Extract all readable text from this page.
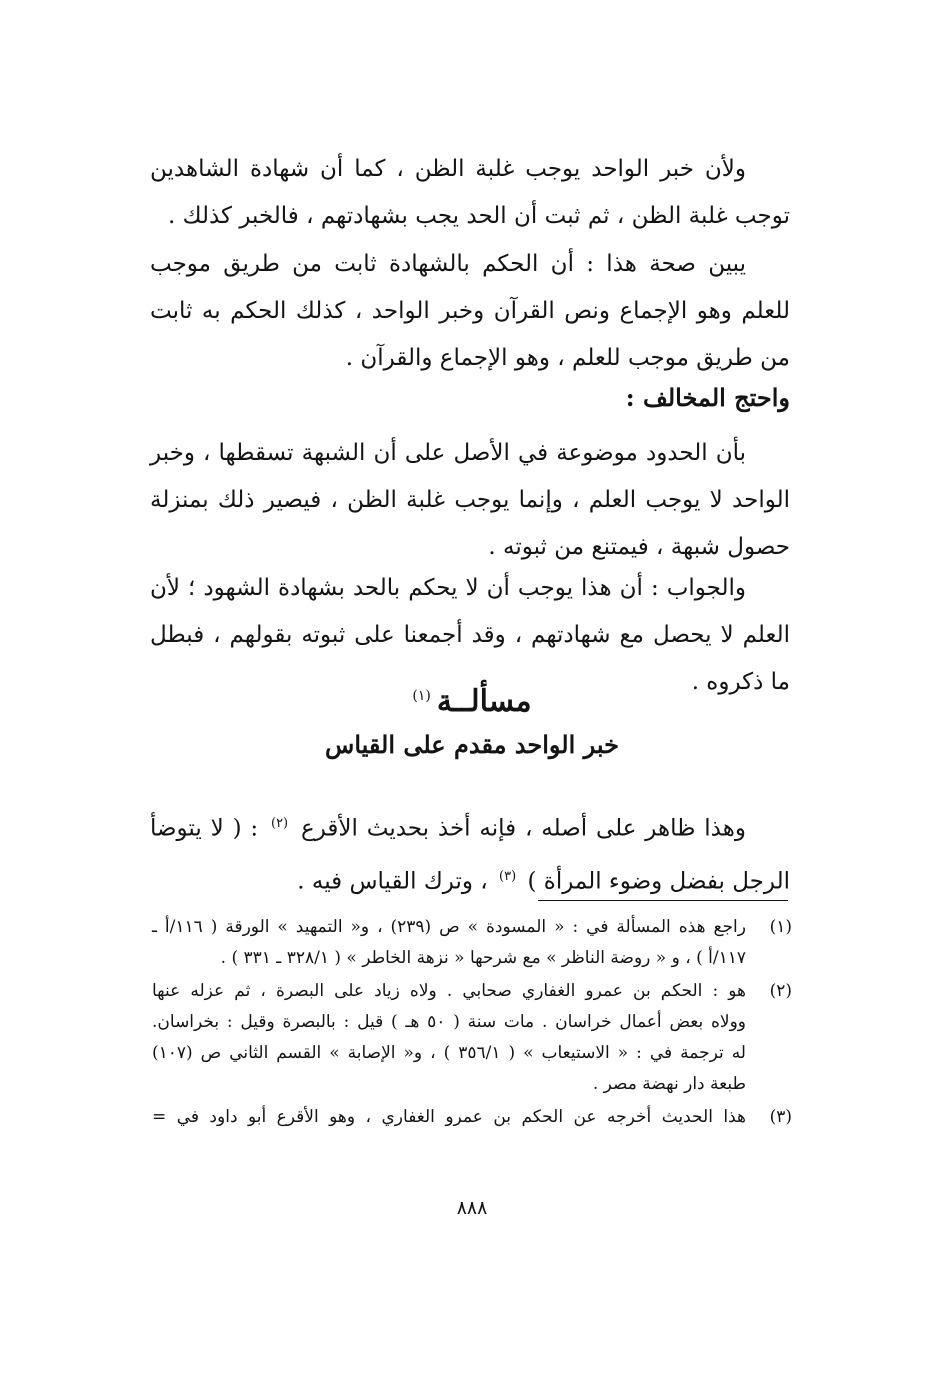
ولأن خبر الواحد يوجب غلبة الظن ، كما أن شهادة الشاهدين توجب غلبة الظن ، ثم ثبت أن الحد يجب بشهادتهم ، فالخبر كذلك .

يبين صحة هذا : أن الحكم بالشهادة ثابت من طريق موجب للعلم وهو الإجماع ونص القرآن وخبر الواحد ، كذلك الحكم به ثابت من طريق موجب للعلم ، وهو الإجماع والقرآن .

واحتج المخالف :

بأن الحدود موضوعة في الأصل على أن الشبهة تسقطها ، وخبر الواحد لا يوجب العلم ، وإنما يوجب غلبة الظن ، فيصير ذلك بمنزلة حصول شبهة ، فيمتنع من ثبوته .

والجواب : أن هذا يوجب أن لا يحكم بالحد بشهادة الشهود ؛ لأن العلم لا يحصل مع شهادتهم ، وقد أجمعنا على ثبوته بقولهم ، فبطل ما ذكروه .

مسألــة$^{(١)}$
خبر الواحد مقدم على القياس

وهذا ظاهر على أصله ، فإنه أخذ بحديث الأقرع $^{(٢)}$ : ( لا يتوضأ الرجل بفضل وضوء المرأة ) $^{(٣)}$ ، وترك القياس فيه .

(١)
راجع هذه المسألة في : « المسودة » ص (٢٣٩) ، و« التمهيد » الورقة ( ١١٦/أ ـ
١١٧/أ ) ، و « روضة الناظر » مع شرحها « نزهة الخاطر » ( ٣٢٨/١ ـ ٣٣١ ) .
(٢)
هو : الحكم بن عمرو الغفاري صحابي . ولاه زياد على البصرة ، ثم عزله عنها
وولاه بعض أعمال خراسان . مات سنة ( ٥٠ هـ ) قيل : بالبصرة وقيل : بخراسان.
له ترجمة في : « الاستيعاب » ( ٣٥٦/١ ) ، و« الإصابة » القسم الثاني ص (١٠٧)
طبعة دار نهضة مصر .
(٣)
هذا الحديث أخرجه عن الحكم بن عمرو الغفاري ، وهو الأقرع أبو داود في =
٨٨٨
